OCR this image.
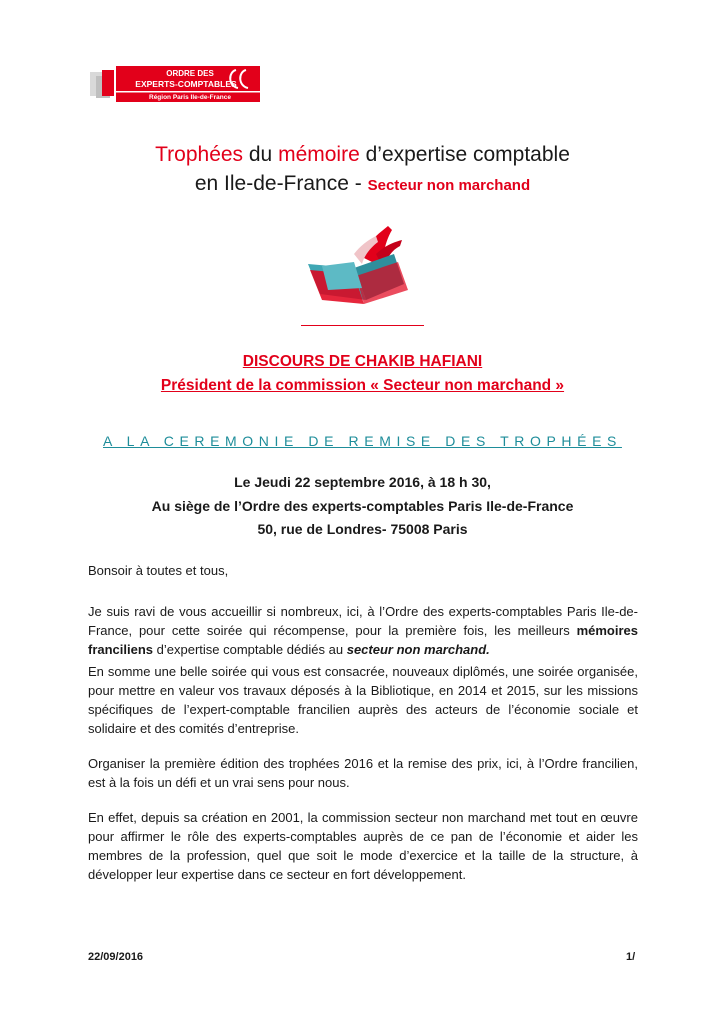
ORDRE DES
EXPERTS-COMPTABLES
Région Paris Ile-de-France
Trophées du mémoire d’expertise comptable
en Ile-de-France - Secteur non marchand
DISCOURS DE CHAKIB HAFIANI
Président de la commission « Secteur non marchand »
A LA CEREMONIE DE REMISE DES TROPHÉES
Le Jeudi 22 septembre 2016, à 18 h 30,
Au siège de l’Ordre des experts-comptables Paris Ile-de-France
50, rue de Londres- 75008 Paris
Bonsoir à toutes et tous,
Je suis ravi de vous accueillir si nombreux, ici, à l’Ordre des experts-comptables Paris Ile-de-France, pour cette soirée qui récompense, pour la première fois, les meilleurs mémoires franciliens d’expertise comptable dédiés au secteur non marchand.
En somme une belle soirée qui vous est consacrée, nouveaux diplômés, une soirée organisée, pour mettre en valeur vos travaux déposés à la Bibliotique, en 2014 et 2015, sur les missions spécifiques de l’expert-comptable francilien auprès des acteurs de l’économie sociale et solidaire et des comités d’entreprise.
Organiser la première édition des trophées 2016 et la remise des prix, ici, à l’Ordre francilien, est à la fois un défi et un vrai sens pour nous.
En effet, depuis sa création en 2001, la commission secteur non marchand met tout en œuvre pour affirmer le rôle des experts-comptables auprès de ce pan de l’économie et aider les membres de la profession, quel que soit le mode d’exercice et la taille de la structure, à développer leur expertise dans ce secteur en fort développement.
22/09/2016	1/
